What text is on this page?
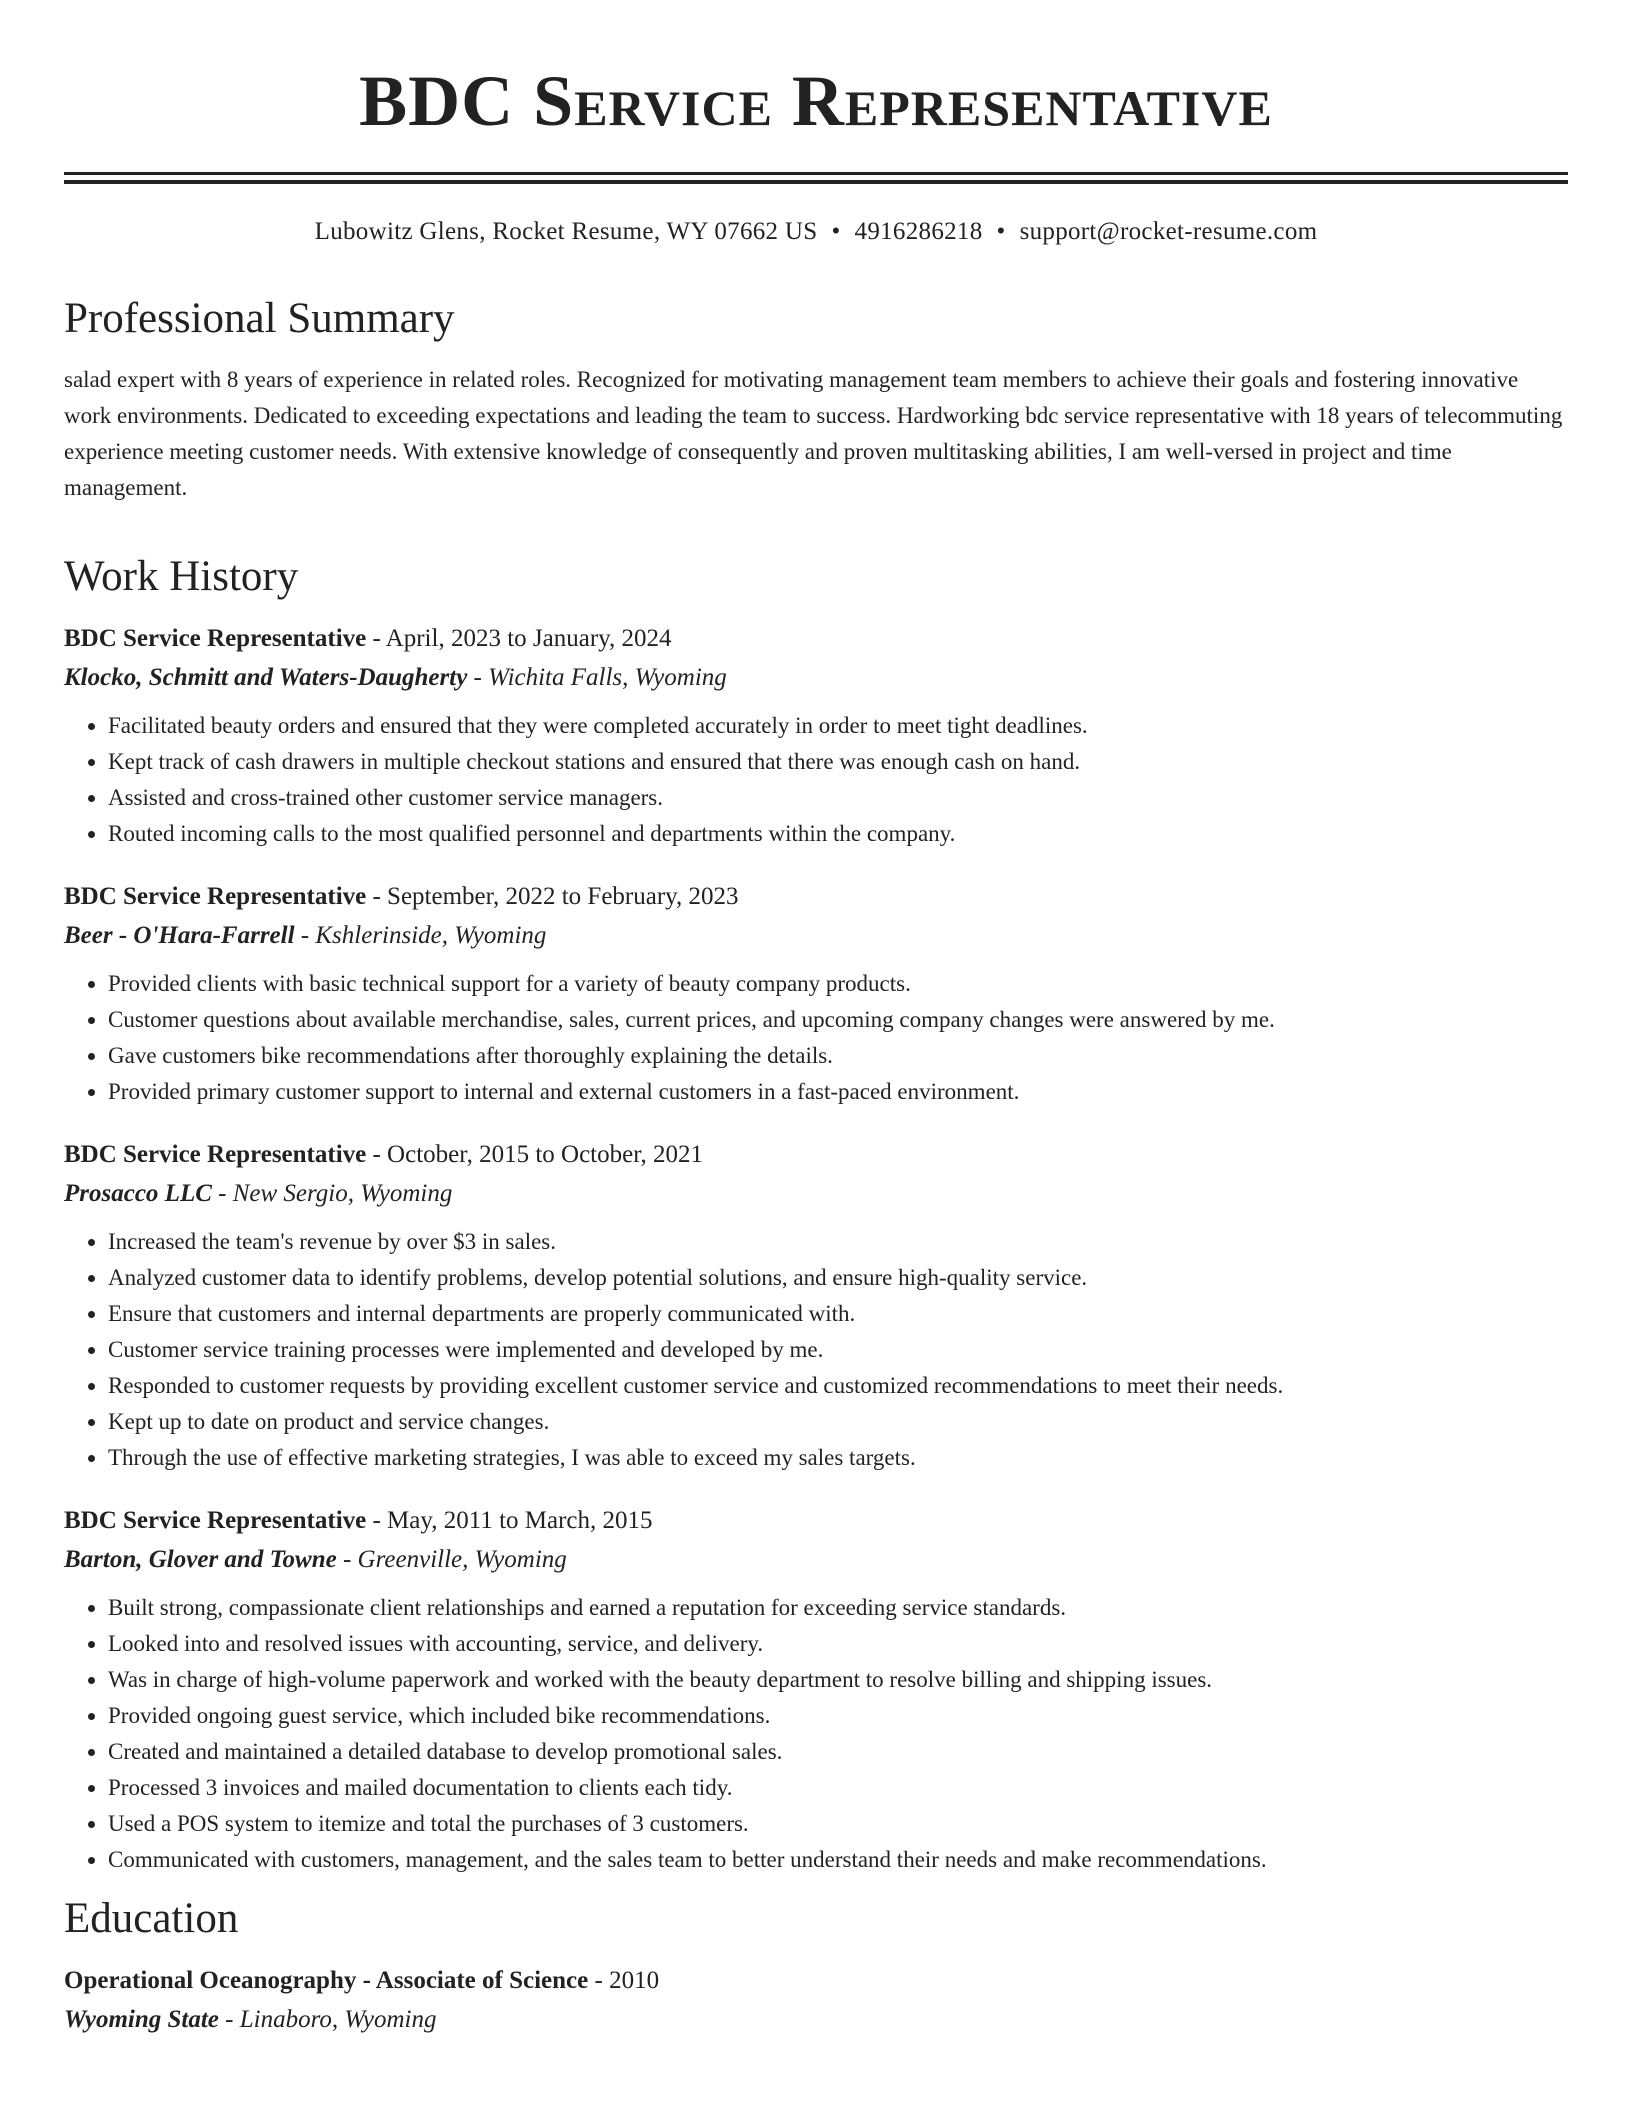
BDC Service Representative
Lubowitz Glens, Rocket Resume, WY 07662 US • 4916286218 • support@rocket-resume.com
Professional Summary

salad expert with 8 years of experience in related roles. Recognized for motivating management team members to achieve their goals and fostering innovative work environments. Dedicated to exceeding expectations and leading the team to success. Hardworking bdc service representative with 18 years of telecommuting experience meeting customer needs. With extensive knowledge of consequently and proven multitasking abilities, I am well-versed in project and time management.

Work History
BDC Service Representative - April, 2023 to January, 2024
Klocko, Schmitt and Waters-Daugherty - Wichita Falls, Wyoming
• Facilitated beauty orders and ensured that they were completed accurately in order to meet tight deadlines.
• Kept track of cash drawers in multiple checkout stations and ensured that there was enough cash on hand.
• Assisted and cross-trained other customer service managers.
• Routed incoming calls to the most qualified personnel and departments within the company.
BDC Service Representative - September, 2022 to February, 2023
Beer - O'Hara-Farrell - Kshlerinside, Wyoming
• Provided clients with basic technical support for a variety of beauty company products.
• Customer questions about available merchandise, sales, current prices, and upcoming company changes were answered by me.
• Gave customers bike recommendations after thoroughly explaining the details.
• Provided primary customer support to internal and external customers in a fast-paced environment.
BDC Service Representative - October, 2015 to October, 2021
Prosacco LLC - New Sergio, Wyoming
• Increased the team's revenue by over $3 in sales.
• Analyzed customer data to identify problems, develop potential solutions, and ensure high-quality service.
• Ensure that customers and internal departments are properly communicated with.
• Customer service training processes were implemented and developed by me.
• Responded to customer requests by providing excellent customer service and customized recommendations to meet their needs.
• Kept up to date on product and service changes.
• Through the use of effective marketing strategies, I was able to exceed my sales targets.
BDC Service Representative - May, 2011 to March, 2015
Barton, Glover and Towne - Greenville, Wyoming
• Built strong, compassionate client relationships and earned a reputation for exceeding service standards.
• Looked into and resolved issues with accounting, service, and delivery.
• Was in charge of high-volume paperwork and worked with the beauty department to resolve billing and shipping issues.
• Provided ongoing guest service, which included bike recommendations.
• Created and maintained a detailed database to develop promotional sales.
• Processed 3 invoices and mailed documentation to clients each tidy.
• Used a POS system to itemize and total the purchases of 3 customers.
• Communicated with customers, management, and the sales team to better understand their needs and make recommendations.
Education
Operational Oceanography - Associate of Science - 2010
Wyoming State - Linaboro, Wyoming
